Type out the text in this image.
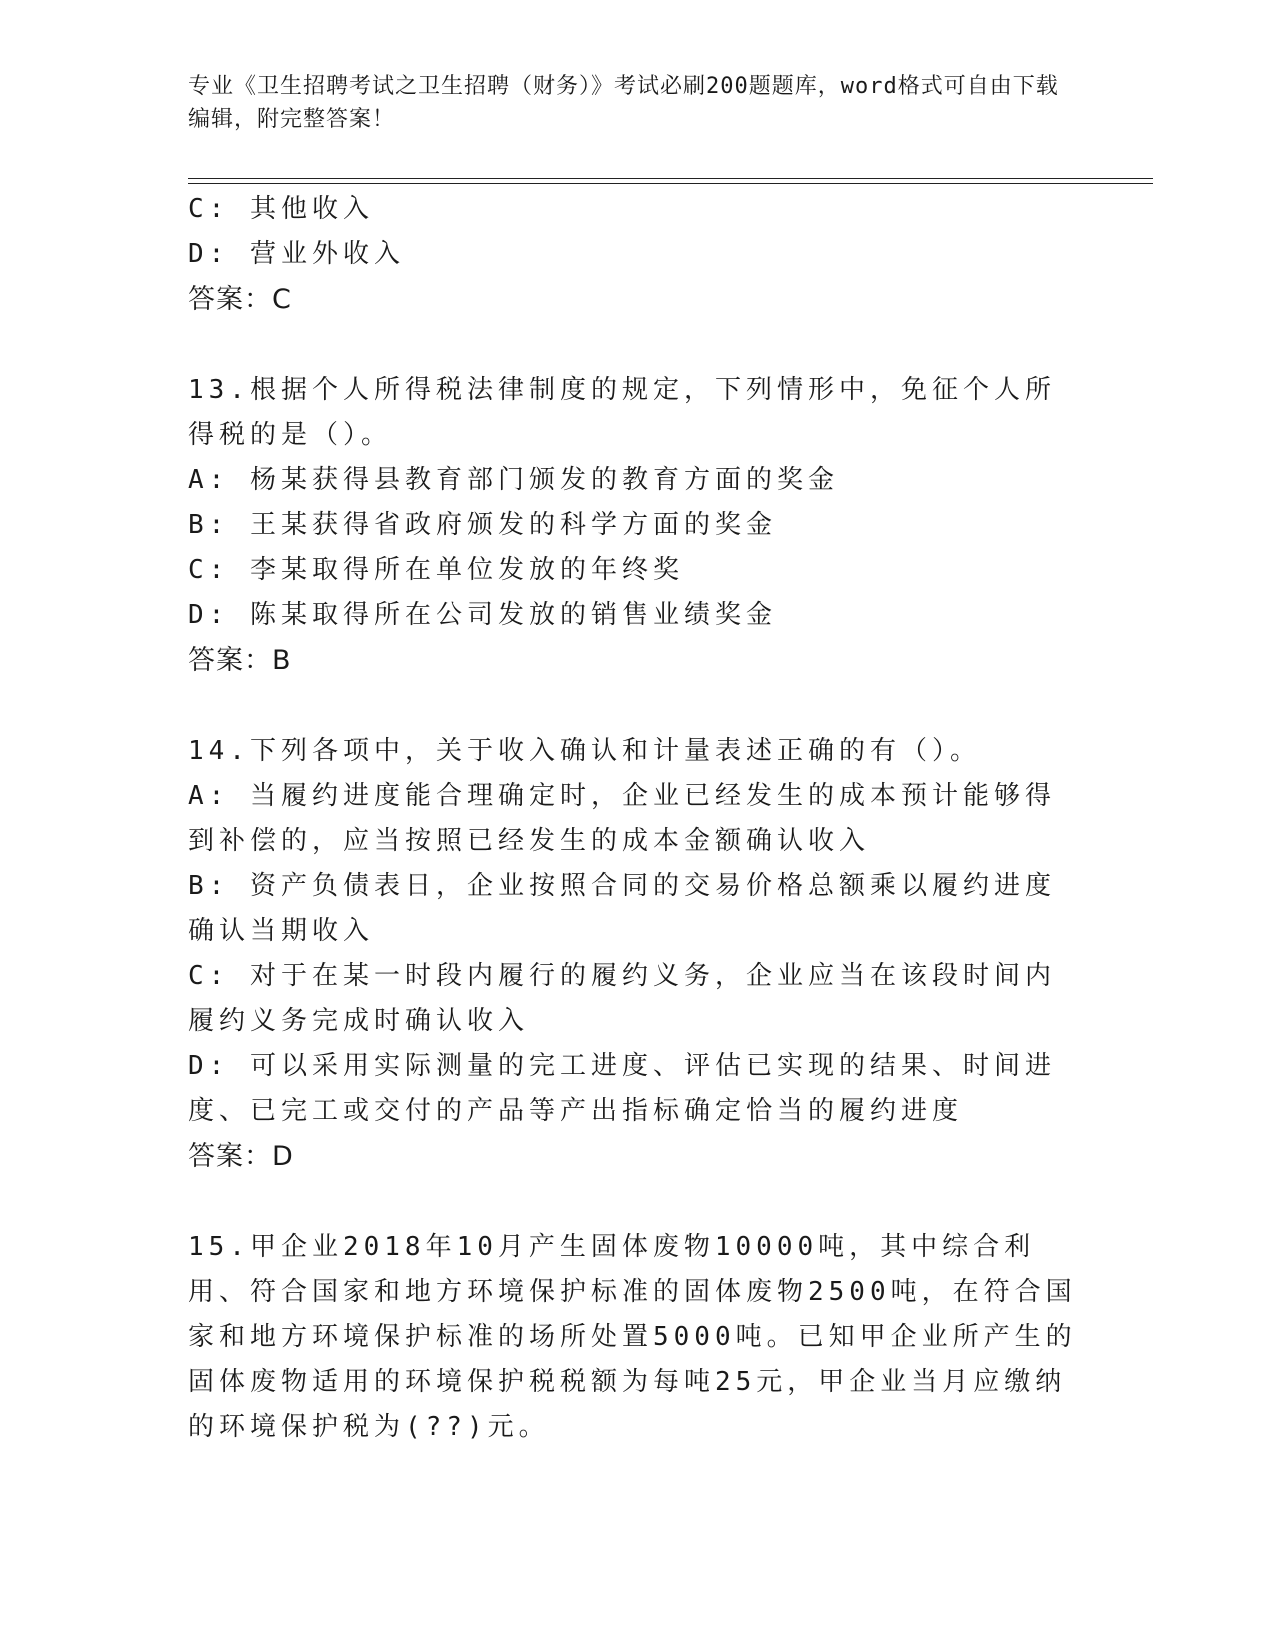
专业《卫生招聘考试之卫生招聘（财务）》考试必刷200题题库，word格式可自由下载编辑，附完整答案！
C: 其他收入
D: 营业外收入
答案：C
13.根据个人所得税法律制度的规定，下列情形中，免征个人所得税的是（）。
A: 杨某获得县教育部门颁发的教育方面的奖金
B: 王某获得省政府颁发的科学方面的奖金
C: 李某取得所在单位发放的年终奖
D: 陈某取得所在公司发放的销售业绩奖金
答案：B
14.下列各项中，关于收入确认和计量表述正确的有（）。
A: 当履约进度能合理确定时，企业已经发生的成本预计能够得到补偿的，应当按照已经发生的成本金额确认收入
B: 资产负债表日，企业按照合同的交易价格总额乘以履约进度确认当期收入
C: 对于在某一时段内履行的履约义务，企业应当在该段时间内履约义务完成时确认收入
D: 可以采用实际测量的完工进度、评估已实现的结果、时间进度、已完工或交付的产品等产出指标确定恰当的履约进度
答案：D
15.甲企业2018年10月产生固体废物10000吨，其中综合利用、符合国家和地方环境保护标准的固体废物2500吨，在符合国家和地方环境保护标准的场所处置5000吨。已知甲企业所产生的固体废物适用的环境保护税税额为每吨25元，甲企业当月应缴纳的环境保护税为(??)元。
